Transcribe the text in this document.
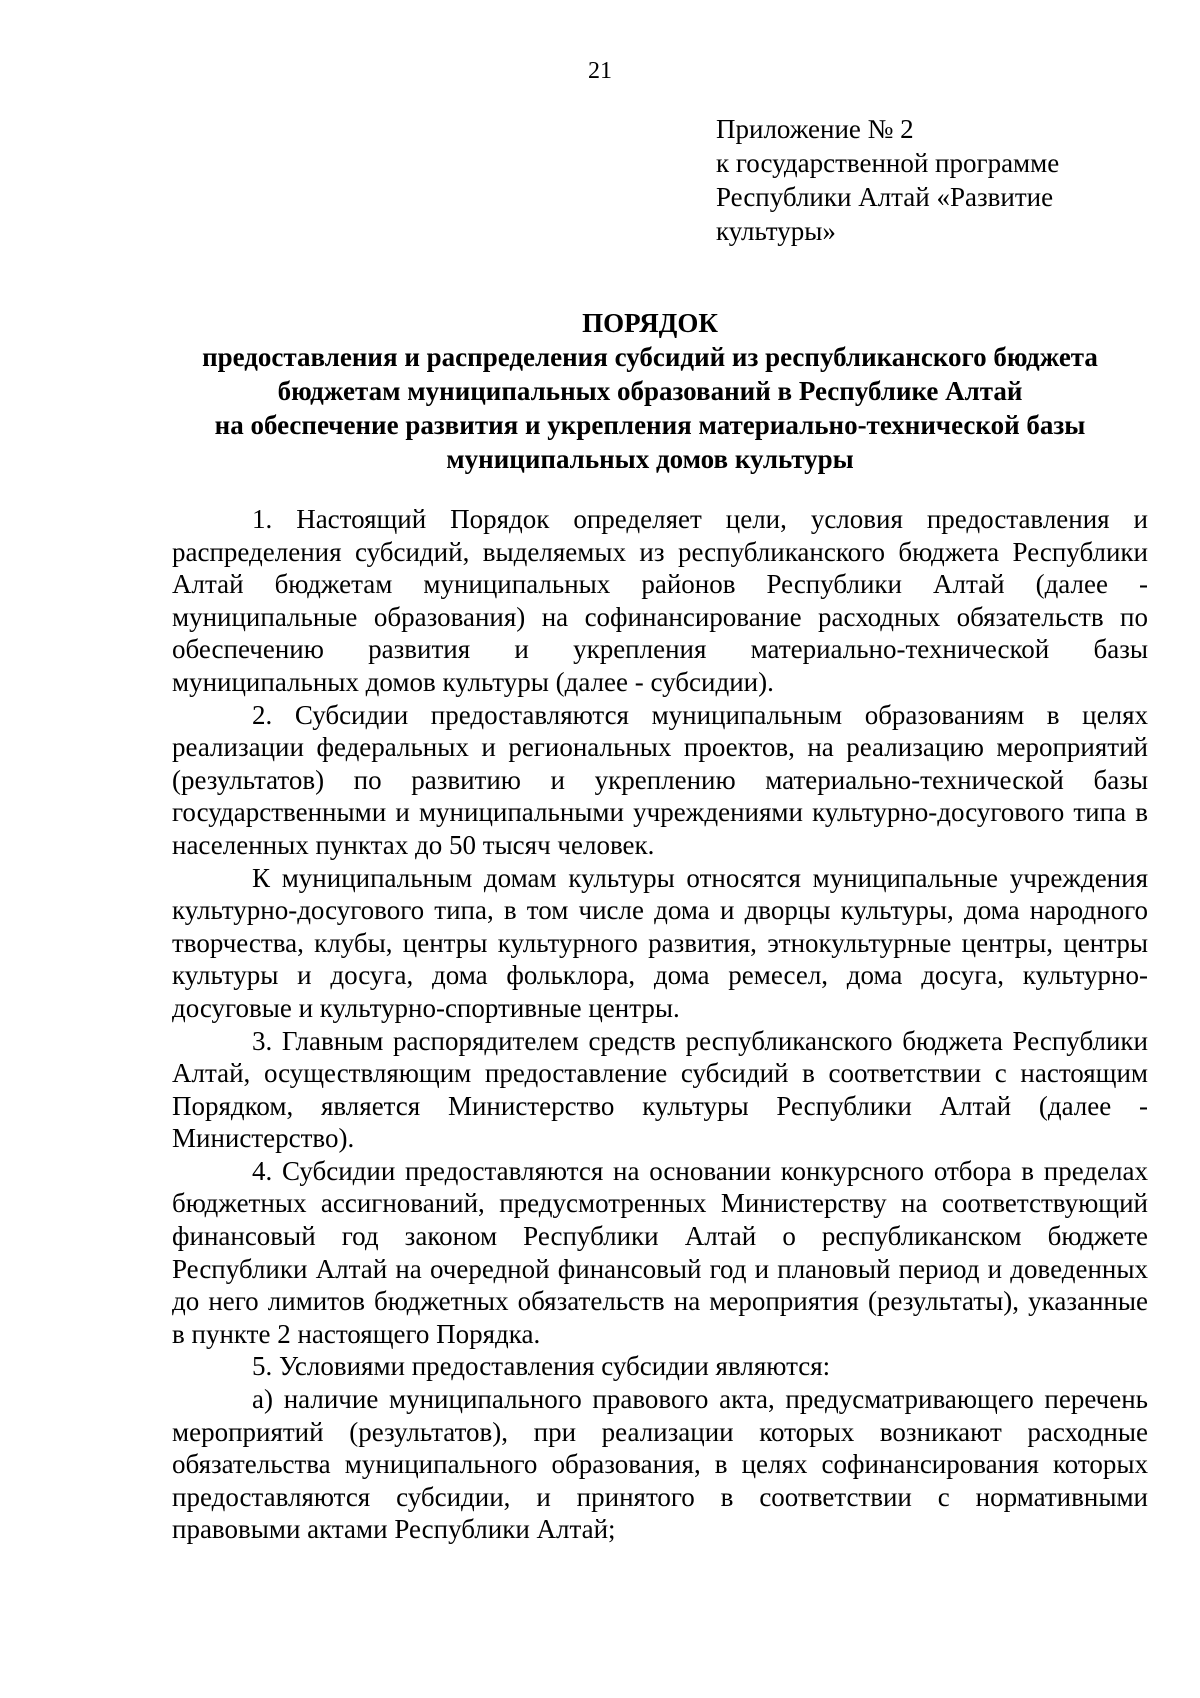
21
Приложение № 2
к государственной программе
Республики Алтай «Развитие
культуры»
ПОРЯДОК
предоставления и распределения субсидий из республиканского бюджета
бюджетам муниципальных образований в Республике Алтай
на обеспечение развития и укрепления материально-технической базы
муниципальных домов культуры

1. Настоящий Порядок определяет цели, условия предоставления и распределения субсидий, выделяемых из республиканского бюджета Республики Алтай бюджетам муниципальных районов Республики Алтай (далее - муниципальные образования) на софинансирование расходных обязательств по обеспечению развития и укрепления материально-технической базы муниципальных домов культуры (далее - субсидии).

2. Субсидии предоставляются муниципальным образованиям в целях реализации федеральных и региональных проектов, на реализацию мероприятий (результатов) по развитию и укреплению материально-технической базы государственными и муниципальными учреждениями культурно-досугового типа в населенных пунктах до 50 тысяч человек.

К муниципальным домам культуры относятся муниципальные учреждения культурно-досугового типа, в том числе дома и дворцы культуры, дома народного творчества, клубы, центры культурного развития, этнокультурные центры, центры культуры и досуга, дома фольклора, дома ремесел, дома досуга, культурно-досуговые и культурно-спортивные центры.

3. Главным распорядителем средств республиканского бюджета Республики Алтай, осуществляющим предоставление субсидий в соответствии с настоящим Порядком, является Министерство культуры Республики Алтай (далее - Министерство).

4. Субсидии предоставляются на основании конкурсного отбора в пределах бюджетных ассигнований, предусмотренных Министерству на соответствующий финансовый год законом Республики Алтай о республиканском бюджете Республики Алтай на очередной финансовый год и плановый период и доведенных до него лимитов бюджетных обязательств на мероприятия (результаты), указанные в пункте 2 настоящего Порядка.

5. Условиями предоставления субсидии являются:

а) наличие муниципального правового акта, предусматривающего перечень мероприятий (результатов), при реализации которых возникают расходные обязательства муниципального образования, в целях софинансирования которых предоставляются субсидии, и принятого в соответствии с нормативными правовыми актами Республики Алтай;
